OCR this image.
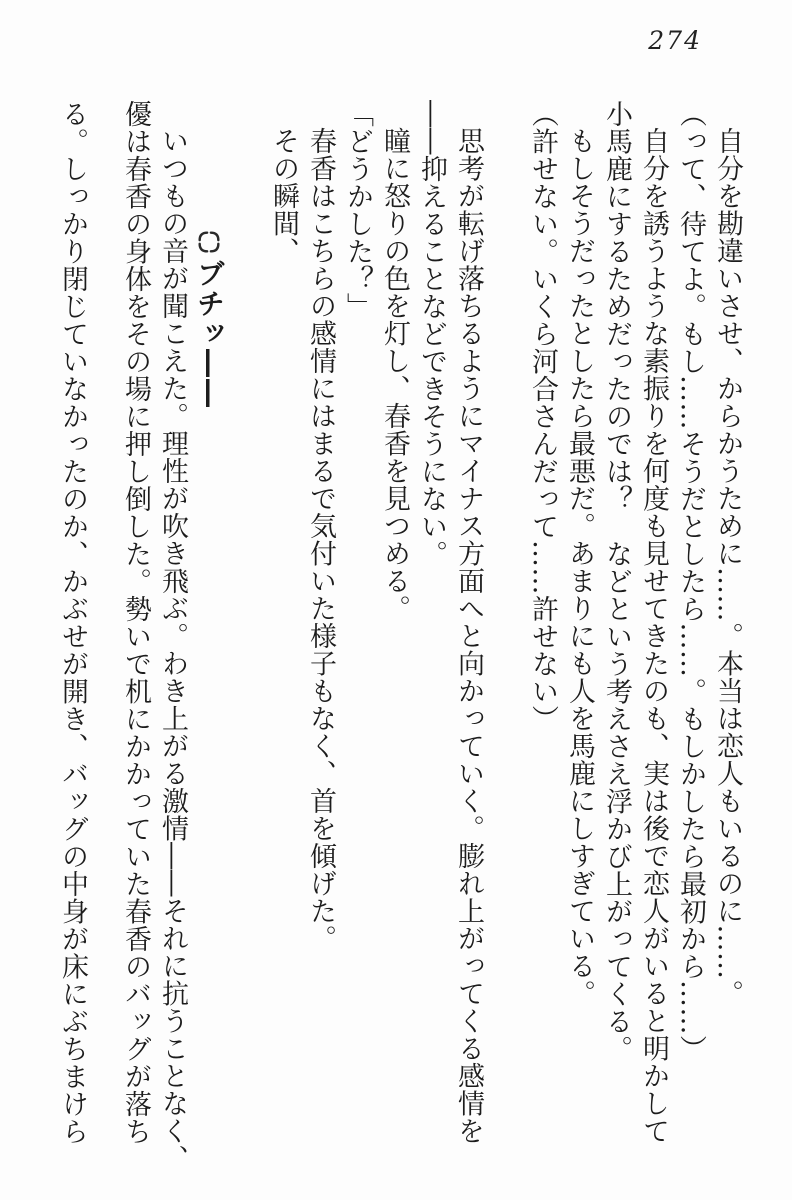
274

自分を勘違いさせ、からかうために……。本当は恋人もいるのに……。

（って、待てよ。もし……そうだとしたら……。もしかしたら最初から……）

自分を誘うような素振りを何度も見せてきたのも、実は後で恋人がいると明かして

小馬鹿にするためだったのでは？　などという考えさえ浮かび上がってくる。

もしそうだったとしたら最悪だ。あまりにも人を馬鹿にしすぎている。

（許せない。いくら河合さんだって……許せない）

思考が転げ落ちるようにマイナス方面へと向かっていく。膨れ上がってくる感情を

――抑えることなどできそうにない。

瞳に怒りの色を灯し、春香を見つめる。

「どうかした？」

春香はこちらの感情にはまるで気付いた様子もなく、首を傾げた。

その瞬間、

ブチッ――

いつもの音が聞こえた。理性が吹き飛ぶ。わき上がる激情――それに抗うことなく、

優は春香の身体をその場に押し倒した。勢いで机にかかっていた春香のバッグが落ち

る。しっかり閉じていなかったのか、かぶせが開き、バッグの中身が床にぶちまけら
